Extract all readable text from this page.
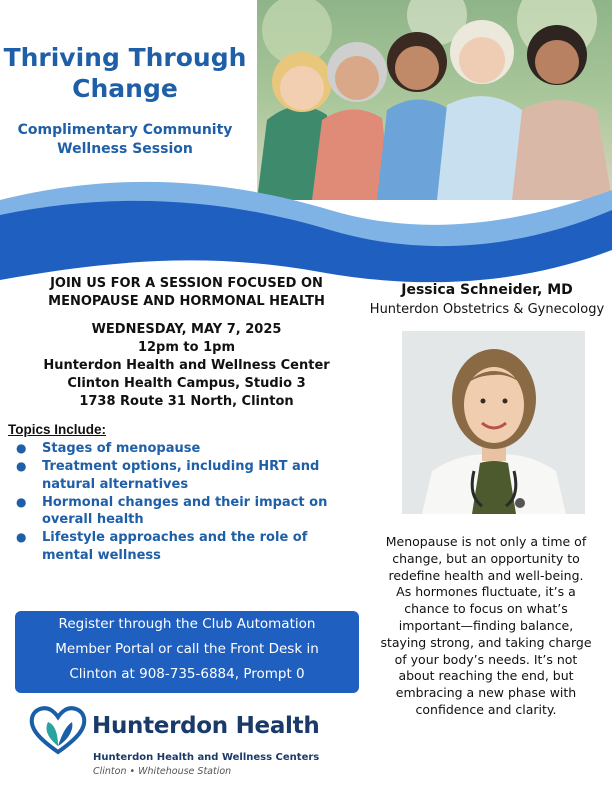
Thriving Through
Change
Complimentary Community
Wellness Session
JOIN US FOR A SESSION FOCUSED ON
MENOPAUSE AND HORMONAL HEALTH
WEDNESDAY, MAY 7, 2025
12pm to 1pm
Hunterdon Health and Wellness Center
Clinton Health Campus, Studio 3
1738 Route 31 North, Clinton
Topics Include:
● Stages of menopause
● Treatment options, including HRT and
natural alternatives
● Hormonal changes and their impact on
overall health
● Lifestyle approaches and the role of
mental wellness
Register through the Club Automation
Member Portal or call the Front Desk in
Clinton at 908-735-6884, Prompt 0
Hunterdon Health
Hunterdon Health and Wellness Centers
Clinton • Whitehouse Station
Jessica Schneider, MD
Hunterdon Obstetrics & Gynecology
Menopause is not only a time of
change, but an opportunity to
redefine health and well-being.
As hormones fluctuate, it’s a
chance to focus on what’s
important—finding balance,
staying strong, and taking charge
of your body’s needs. It’s not
about reaching the end, but
embracing a new phase with
confidence and clarity.
